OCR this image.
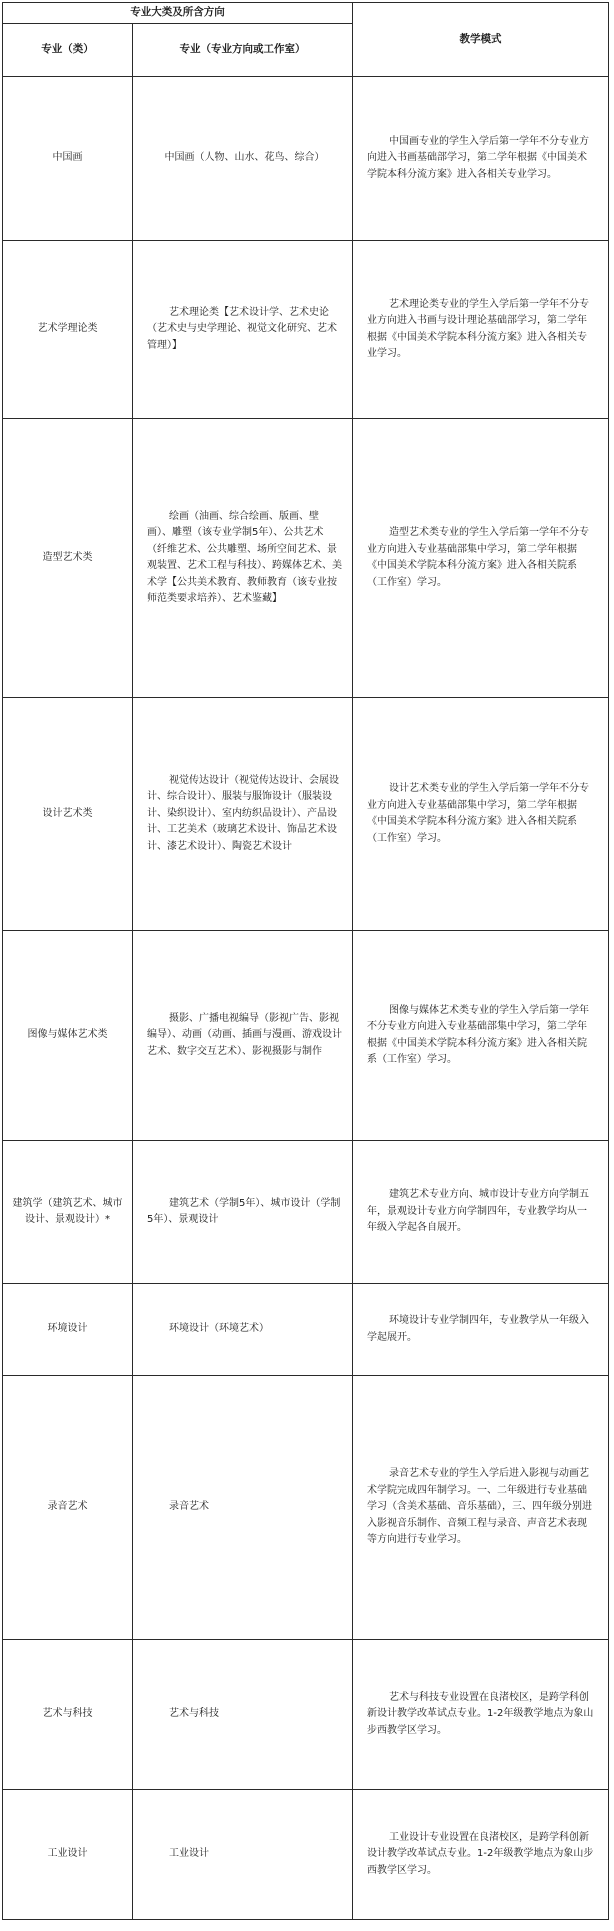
专业大类及所含方向		教学模式
专业（类）	专业（专业方向或工作室）	
中国画	中国画（人物、山水、花鸟、综合）	中国画专业的学生入学后第一学年不分专业方向进入书画基础部学习，第二学年根据《中国美术学院本科分流方案》进入各相关专业学习。

艺术学理论类	艺术理论类【艺术设计学、艺术史论（艺术史与史学理论、视觉文化研究、艺术管理）】	艺术理论类专业的学生入学后第一学年不分专业方向进入书画与设计理论基础部学习，第二学年根据《中国美术学院本科分流方案》进入各相关专业学习。

造型艺术类	绘画（油画、综合绘画、版画、壁画）、雕塑（该专业学制5年）、公共艺术（纤维艺术、公共雕塑、场所空间艺术、景观装置、艺术工程与科技）、跨媒体艺术、美术学【公共美术教育、教师教育（该专业按师范类要求培养）、艺术鉴藏】	造型艺术类专业的学生入学后第一学年不分专业方向进入专业基础部集中学习，第二学年根据《中国美术学院本科分流方案》进入各相关院系（工作室）学习。

设计艺术类	视觉传达设计（视觉传达设计、会展设计、综合设计）、服装与服饰设计（服装设计、染织设计）、室内纺织品设计）、产品设计、工艺美术（玻璃艺术设计、饰品艺术设计、漆艺术设计）、陶瓷艺术设计	设计艺术类专业的学生入学后第一学年不分专业方向进入专业基础部集中学习，第二学年根据《中国美术学院本科分流方案》进入各相关院系（工作室）学习。

图像与媒体艺术类	摄影、广播电视编导（影视广告、影视编导）、动画（动画、插画与漫画、游戏设计艺术、数字交互艺术）、影视摄影与制作	图像与媒体艺术类专业的学生入学后第一学年不分专业方向进入专业基础部集中学习，第二学年根据《中国美术学院本科分流方案》进入各相关院系（工作室）学习。

建筑学（建筑艺术、城市设计、景观设计）*	建筑艺术（学制5年）、城市设计（学制5年）、景观设计	建筑艺术专业方向、城市设计专业方向学制五年，景观设计专业方向学制四年，专业教学均从一年级入学起各自展开。

环境设计	环境设计（环境艺术）	环境设计专业学制四年，专业教学从一年级入学起展开。

录音艺术	录音艺术	录音艺术专业的学生入学后进入影视与动画艺术学院完成四年制学习。一、二年级进行专业基础学习（含美术基础、音乐基础），三、四年级分别进入影视音乐制作、音频工程与录音、声音艺术表现等方向进行专业学习。

艺术与科技	艺术与科技	艺术与科技专业设置在良渚校区，是跨学科创新设计教学改革试点专业。1-2年级教学地点为象山步西教学区学习。

工业设计	工业设计	工业设计专业设置在良渚校区，是跨学科创新设计教学改革试点专业。1-2年级教学地点为象山步西教学区学习。
